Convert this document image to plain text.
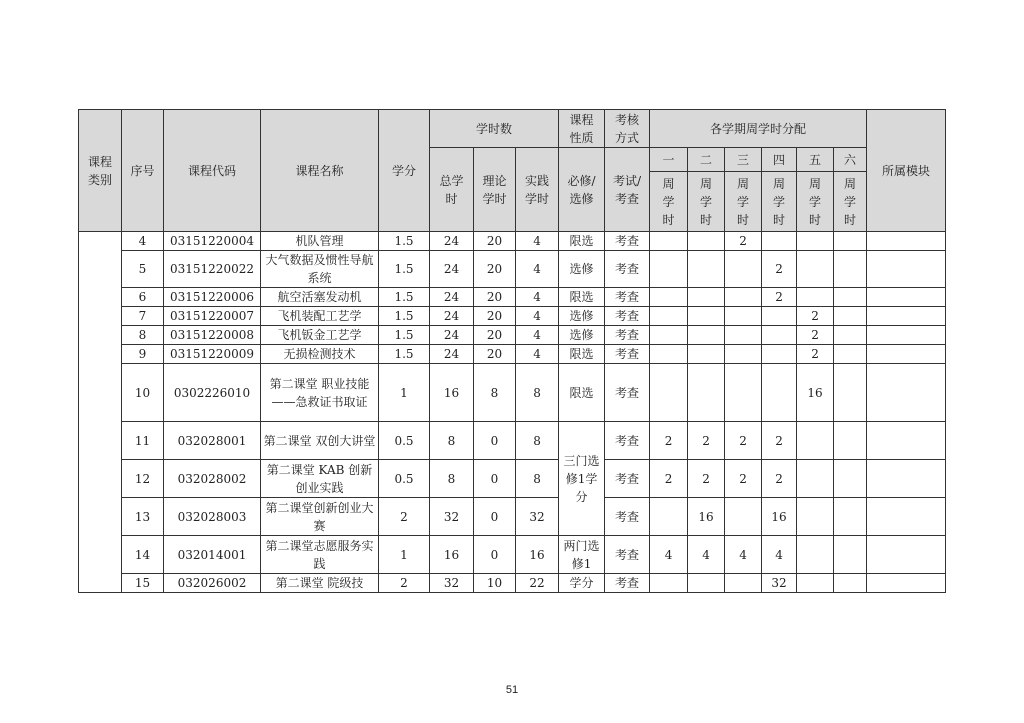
课程类别	序号	课程代码	课程名称	学分	学时数			课程性质	考核方式	各学期周学时分配						所属模块
					总学时	理论学时	实践学时	必修/选修	考试/考查	一	二	三	四	五	六	
										周学时	周学时	周学时	周学时	周学时	周学时	
	4	03151220004	机队管理	1.5	24	20	4	限选	考查			2				
	5	03151220022	大气数据及惯性导航系统	1.5	24	20	4	选修	考查				2			
	6	03151220006	航空活塞发动机	1.5	24	20	4	限选	考查				2			
	7	03151220007	飞机装配工艺学	1.5	24	20	4	选修	考查					2		
	8	03151220008	飞机钣金工艺学	1.5	24	20	4	选修	考查					2		
	9	03151220009	无损检测技术	1.5	24	20	4	限选	考查					2		
	10	0302226010	第二课堂 职业技能——急救证书取证	1	16	8	8	限选	考查					16		
	11	032028001	第二课堂 双创大讲堂	0.5	8	0	8	三门选修1学分	考查	2	2	2	2			
	12	032028002	第二课堂 KAB 创新创业实践	0.5	8	0	8		考查	2	2	2	2			
	13	032028003	第二课堂创新创业大赛	2	32	0	32		考查		16		16			
	14	032014001	第二课堂志愿服务实践	1	16	0	16	两门选修1	考查	4	4	4	4			
	15	032026002	第二课堂 院级技	2	32	10	22	学分	考查				32			
51
